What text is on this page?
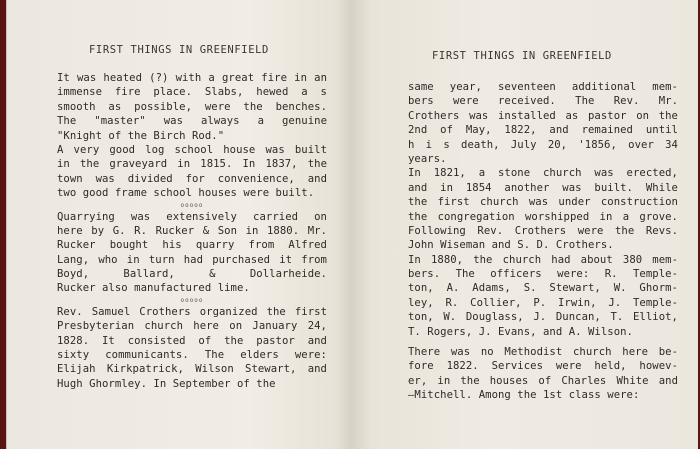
FIRST THINGS IN GREENFIELD
It was heated (?) with a great fire in an
immense fire place. Slabs, hewed a s
smooth as possible, were the benches.
The "master" was always a genuine
"Knight of the Birch Rod."
A very good log school house was built
in the graveyard in 1815. In 1837, the
town was divided for convenience, and
two good frame school houses were built.
ooooo
Quarrying was extensively carried on
here by G. R. Rucker & Son in 1880. Mr.
Rucker bought his quarry from Alfred
Lang, who in turn had purchased it from
Boyd, Ballard, & Dollarheide.
Rucker also manufactured lime.
ooooo
Rev. Samuel Crothers organized the first
Presbyterian church here on January 24,
1828. It consisted of the pastor and
sixty communicants. The elders were:
Elijah Kirkpatrick, Wilson Stewart, and
Hugh Ghormley. In September of the
FIRST THINGS IN GREENFIELD
same year, seventeen additional mem-
bers were received. The Rev. Mr.
Crothers was installed as pastor on the
2nd of May, 1822, and remained until
h i s death, July 20, '1856, over 34
years.
In 1821, a stone church was erected,
and in 1854 another was built. While
the first church was under construction
the congregation worshipped in a grove.
Following Rev. Crothers were the Revs.
John Wiseman and S. D. Crothers.
In 1880, the church had about 380 mem-
bers. The officers were: R. Temple-
ton, A. Adams, S. Stewart, W. Ghorm-
ley, R. Collier, P. Irwin, J. Temple-
ton, W. Douglass, J. Duncan, T. Elliot,
T. Rogers, J. Evans, and A. Wilson.
There was no Methodist church here be-
fore 1822. Services were held, howev-
er, in the houses of Charles White and
—Mitchell. Among the 1st class were:
